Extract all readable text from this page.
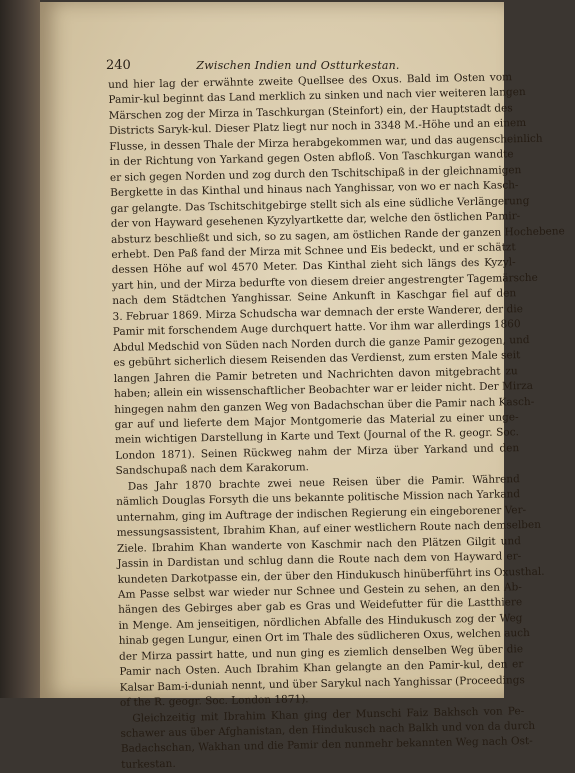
240	Zwischen Indien und Ostturkestan.
und hier lag der erwähnte zweite Quellsee des Oxus. Bald im Osten vom
Pamir-kul beginnt das Land merklich zu sinken und nach vier weiteren langen
Märschen zog der Mirza in Taschkurgan (Steinfort) ein, der Hauptstadt des
Districts Saryk-kul. Dieser Platz liegt nur noch in 3348 M.-Höhe und an einem
Flusse, in dessen Thale der Mirza herabgekommen war, und das augenscheinlich
in der Richtung von Yarkand gegen Osten abfloß. Von Taschkurgan wandte
er sich gegen Norden und zog durch den Tschitschipaß in der gleichnamigen
Bergkette in das Kinthal und hinaus nach Yanghissar, von wo er nach Kasch-
gar gelangte. Das Tschitschitgebirge stellt sich als eine südliche Verlängerung
der von Hayward gesehenen Kyzylyartkette dar, welche den östlichen Pamir-
absturz beschließt und sich, so zu sagen, am östlichen Rande der ganzen Hochebene
erhebt. Den Paß fand der Mirza mit Schnee und Eis bedeckt, und er schätzt
dessen Höhe auf wol 4570 Meter. Das Kinthal zieht sich längs des Kyzyl-
yart hin, und der Mirza bedurfte von diesem dreier angestrengter Tagemärsche
nach dem Städtchen Yanghissar. Seine Ankunft in Kaschgar fiel auf den
3. Februar 1869. Mirza Schudscha war demnach der erste Wanderer, der die
Pamir mit forschendem Auge durchquert hatte. Vor ihm war allerdings 1860
Abdul Medschid von Süden nach Norden durch die ganze Pamir gezogen, und
es gebührt sicherlich diesem Reisenden das Verdienst, zum ersten Male seit
langen Jahren die Pamir betreten und Nachrichten davon mitgebracht zu
haben; allein ein wissenschaftlicher Beobachter war er leider nicht. Der Mirza
hingegen nahm den ganzen Weg von Badachschan über die Pamir nach Kasch-
gar auf und lieferte dem Major Montgomerie das Material zu einer unge-
mein wichtigen Darstellung in Karte und Text (Journal of the R. geogr. Soc.
London 1871). Seinen Rückweg nahm der Mirza über Yarkand und den
Sandschupaß nach dem Karakorum.
Das Jahr 1870 brachte zwei neue Reisen über die Pamir. Während
nämlich Douglas Forsyth die uns bekannte politische Mission nach Yarkand
unternahm, ging im Auftrage der indischen Regierung ein eingeborener Ver-
messungsassistent, Ibrahim Khan, auf einer westlichern Route nach demselben
Ziele. Ibrahim Khan wanderte von Kaschmir nach den Plätzen Gilgit und
Jassin in Dardistan und schlug dann die Route nach dem von Hayward er-
kundeten Darkotpasse ein, der über den Hindukusch hinüberführt ins Oxusthal.
Am Passe selbst war wieder nur Schnee und Gestein zu sehen, an den Ab-
hängen des Gebirges aber gab es Gras und Weidefutter für die Lastthiere
in Menge. Am jenseitigen, nördlichen Abfalle des Hindukusch zog der Weg
hinab gegen Lungur, einen Ort im Thale des südlicheren Oxus, welchen auch
der Mirza passirt hatte, und nun ging es ziemlich denselben Weg über die
Pamir nach Osten. Auch Ibrahim Khan gelangte an den Pamir-kul, den er
Kalsar Bam-i-duniah nennt, und über Sarykul nach Yanghissar (Proceedings
of the R. geogr. Soc. London 1871).
Gleichzeitig mit Ibrahim Khan ging der Munschi Faiz Bakhsch von Pe-
schawer aus über Afghanistan, den Hindukusch nach Balkh und von da durch
Badachschan, Wakhan und die Pamir den nunmehr bekannten Weg nach Ost-
turkestan.
